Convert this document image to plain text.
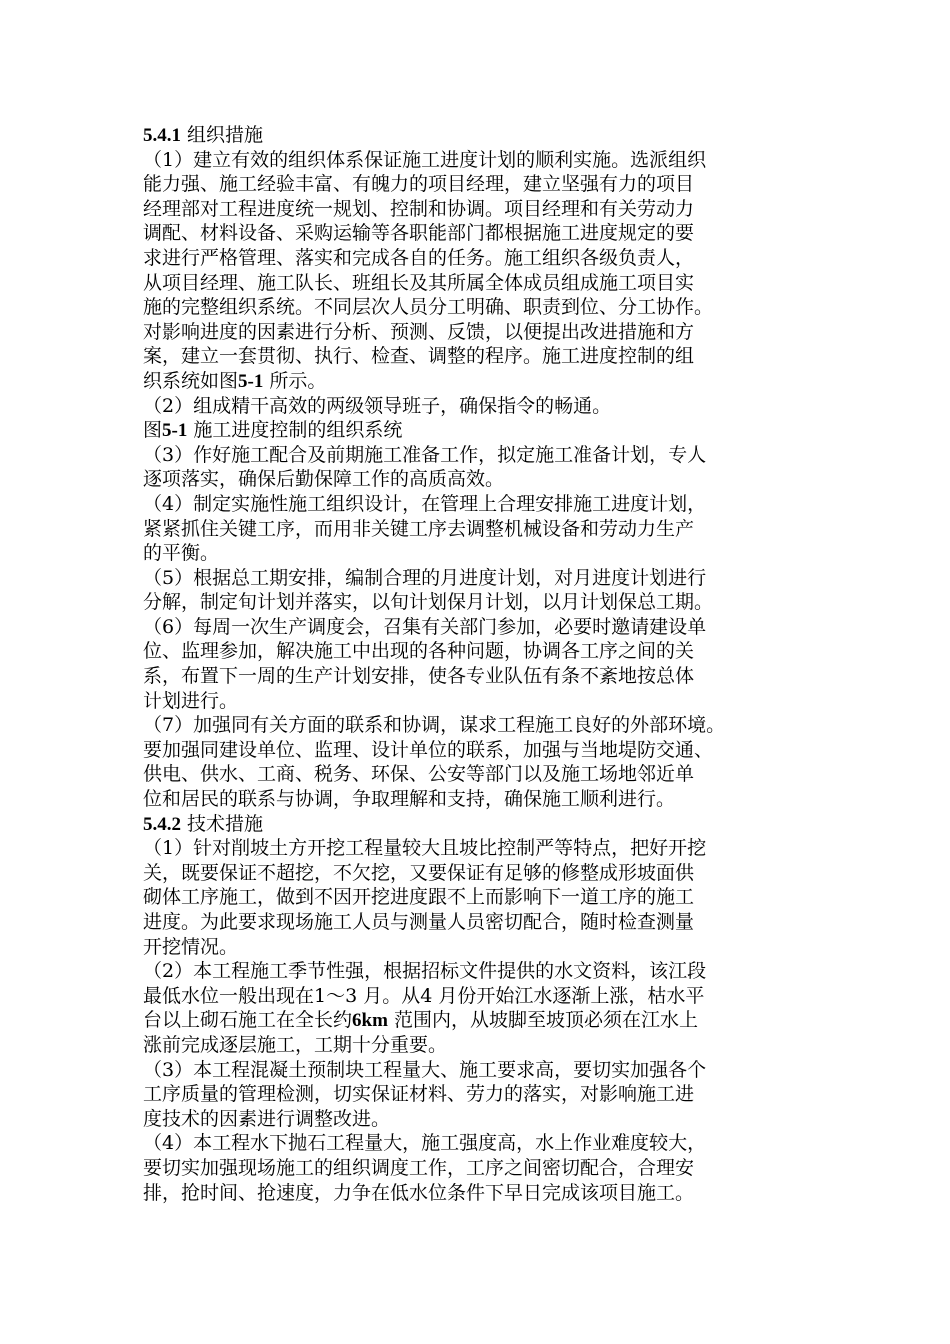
5.4.1 组织措施
（1）建立有效的组织体系保证施工进度计划的顺利实施。选派组织
能力强、施工经验丰富、有魄力的项目经理，建立坚强有力的项目
经理部对工程进度统一规划、控制和协调。项目经理和有关劳动力
调配、材料设备、采购运输等各职能部门都根据施工进度规定的要
求进行严格管理、落实和完成各自的任务。施工组织各级负责人，
从项目经理、施工队长、班组长及其所属全体成员组成施工项目实
施的完整组织系统。不同层次人员分工明确、职责到位、分工协作。
对影响进度的因素进行分析、预测、反馈，以便提出改进措施和方
案，建立一套贯彻、执行、检查、调整的程序。施工进度控制的组
织系统如图5-1 所示。
（2）组成精干高效的两级领导班子，确保指令的畅通。
图5-1 施工进度控制的组织系统
（3）作好施工配合及前期施工准备工作，拟定施工准备计划，专人
逐项落实，确保后勤保障工作的高质高效。
（4）制定实施性施工组织设计，在管理上合理安排施工进度计划，
紧紧抓住关键工序，而用非关键工序去调整机械设备和劳动力生产
的平衡。
（5）根据总工期安排，编制合理的月进度计划，对月进度计划进行
分解，制定旬计划并落实，以旬计划保月计划，以月计划保总工期。
（6）每周一次生产调度会，召集有关部门参加，必要时邀请建设单
位、监理参加，解决施工中出现的各种问题，协调各工序之间的关
系，布置下一周的生产计划安排，使各专业队伍有条不紊地按总体
计划进行。
（7）加强同有关方面的联系和协调，谋求工程施工良好的外部环境。
要加强同建设单位、监理、设计单位的联系，加强与当地堤防交通、
供电、供水、工商、税务、环保、公安等部门以及施工场地邻近单
位和居民的联系与协调，争取理解和支持，确保施工顺利进行。
5.4.2 技术措施
（1）针对削坡土方开挖工程量较大且坡比控制严等特点，把好开挖
关，既要保证不超挖，不欠挖，又要保证有足够的修整成形坡面供
砌体工序施工，做到不因开挖进度跟不上而影响下一道工序的施工
进度。为此要求现场施工人员与测量人员密切配合，随时检查测量
开挖情况。
（2）本工程施工季节性强，根据招标文件提供的水文资料，该江段
最低水位一般出现在1～3 月。从4 月份开始江水逐渐上涨，枯水平
台以上砌石施工在全长约6km 范围内，从坡脚至坡顶必须在江水上
涨前完成逐层施工，工期十分重要。
（3）本工程混凝土预制块工程量大、施工要求高，要切实加强各个
工序质量的管理检测，切实保证材料、劳力的落实，对影响施工进
度技术的因素进行调整改进。
（4）本工程水下抛石工程量大，施工强度高，水上作业难度较大，
要切实加强现场施工的组织调度工作，工序之间密切配合，合理安
排，抢时间、抢速度，力争在低水位条件下早日完成该项目施工。
